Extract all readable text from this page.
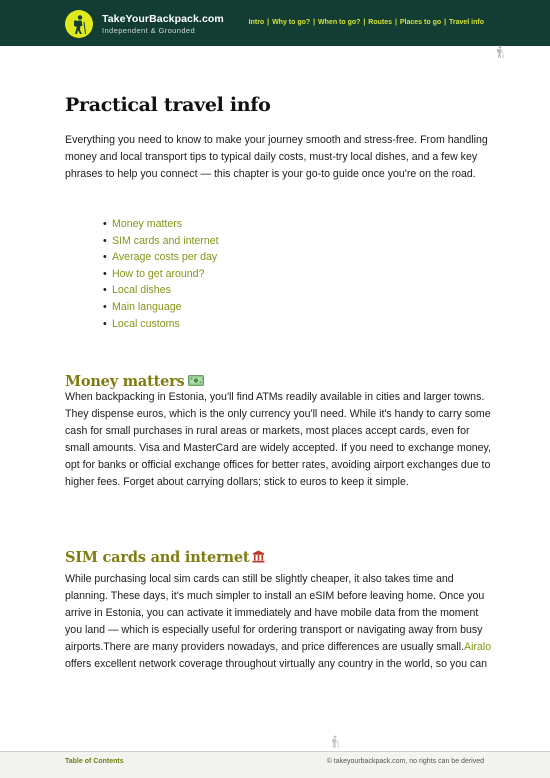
TakeYourBackpack.com
Independent & Grounded
Intro | Why to go? | When to go? | Routes | Places to go | Travel info
Practical travel info

Everything you need to know to make your journey smooth and stress-free. From handling money and local transport tips to typical daily costs, must-try local dishes, and a few key phrases to help you connect — this chapter is your go-to guide once you're on the road.

• Money matters
• SIM cards and internet
• Average costs per day
• How to get around?
• Local dishes
• Main language
• Local customs
Money matters

When backpacking in Estonia, you'll find ATMs readily available in cities and larger towns. They dispense euros, which is the only currency you'll need. While it's handy to carry some cash for small purchases in rural areas or markets, most places accept cards, even for small amounts. Visa and MasterCard are widely accepted. If you need to exchange money, opt for banks or official exchange offices for better rates, avoiding airport exchanges due to higher fees. Forget about carrying dollars; stick to euros to keep it simple.

SIM cards and internet

While purchasing local sim cards can still be slightly cheaper, it also takes time and planning. These days, it's much simpler to install an eSIM before leaving home. Once you arrive in Estonia, you can activate it immediately and have mobile data from the moment you land — which is especially useful for ordering transport or navigating away from busy airports.There are many providers nowadays, and price differences are usually small.Airalo offers excellent network coverage throughout virtually any country in the world, so you can

Table of Contents	© takeyourbackpack.com, no rights can be derived
